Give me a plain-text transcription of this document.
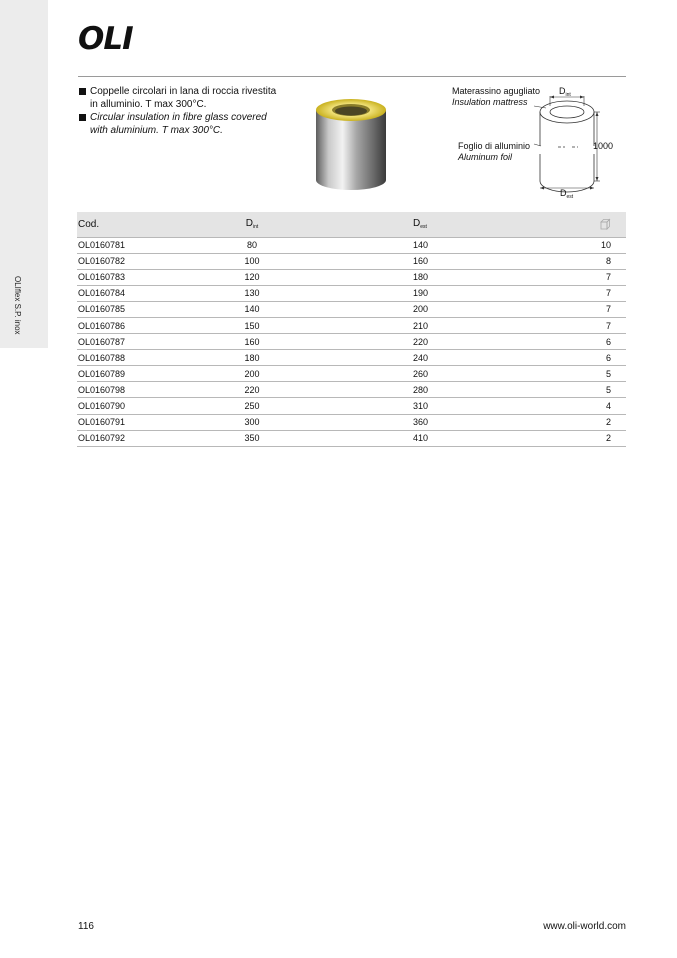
OLIflex S.P. inox
OLI
Coppelle circolari in lana di roccia rivestita in alluminio. T max 300°C.
Circular insulation in fibre glass covered with aluminium. T max 300°C.
Materassino agugliato
Insulation mattress
$D_{int}$
Foglio di alluminio
Aluminum foil
1000
$D_{est}$
Cod.	$D_{int}$	$D_{est}$	
OL0160781	80	140	10
OL0160782	100	160	8
OL0160783	120	180	7
OL0160784	130	190	7
OL0160785	140	200	7
OL0160786	150	210	7
OL0160787	160	220	6
OL0160788	180	240	6
OL0160789	200	260	5
OL0160798	220	280	5
OL0160790	250	310	4
OL0160791	300	360	2
OL0160792	350	410	2
116	www.oli-world.com
